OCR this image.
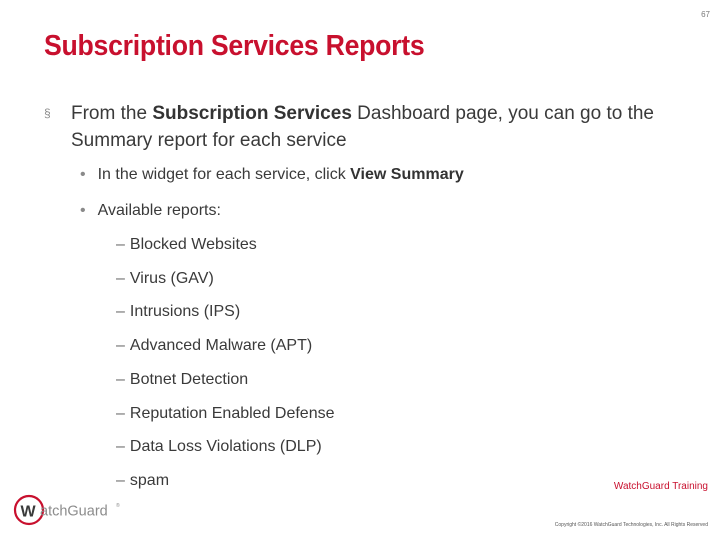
67
Subscription Services Reports
§ From the Subscription Services Dashboard page, you can go to the Summary report for each service
• In the widget for each service, click View Summary
• Available reports:
– Blocked Websites
– Virus (GAV)
– Intrusions (IPS)
– Advanced Malware (APT)
– Botnet Detection
– Reputation Enabled Defense
– Data Loss Violations (DLP)
– spam
W atchGuard ®
WatchGuard Training
Copyright ©2016 WatchGuard Technologies, Inc. All Rights Reserved
